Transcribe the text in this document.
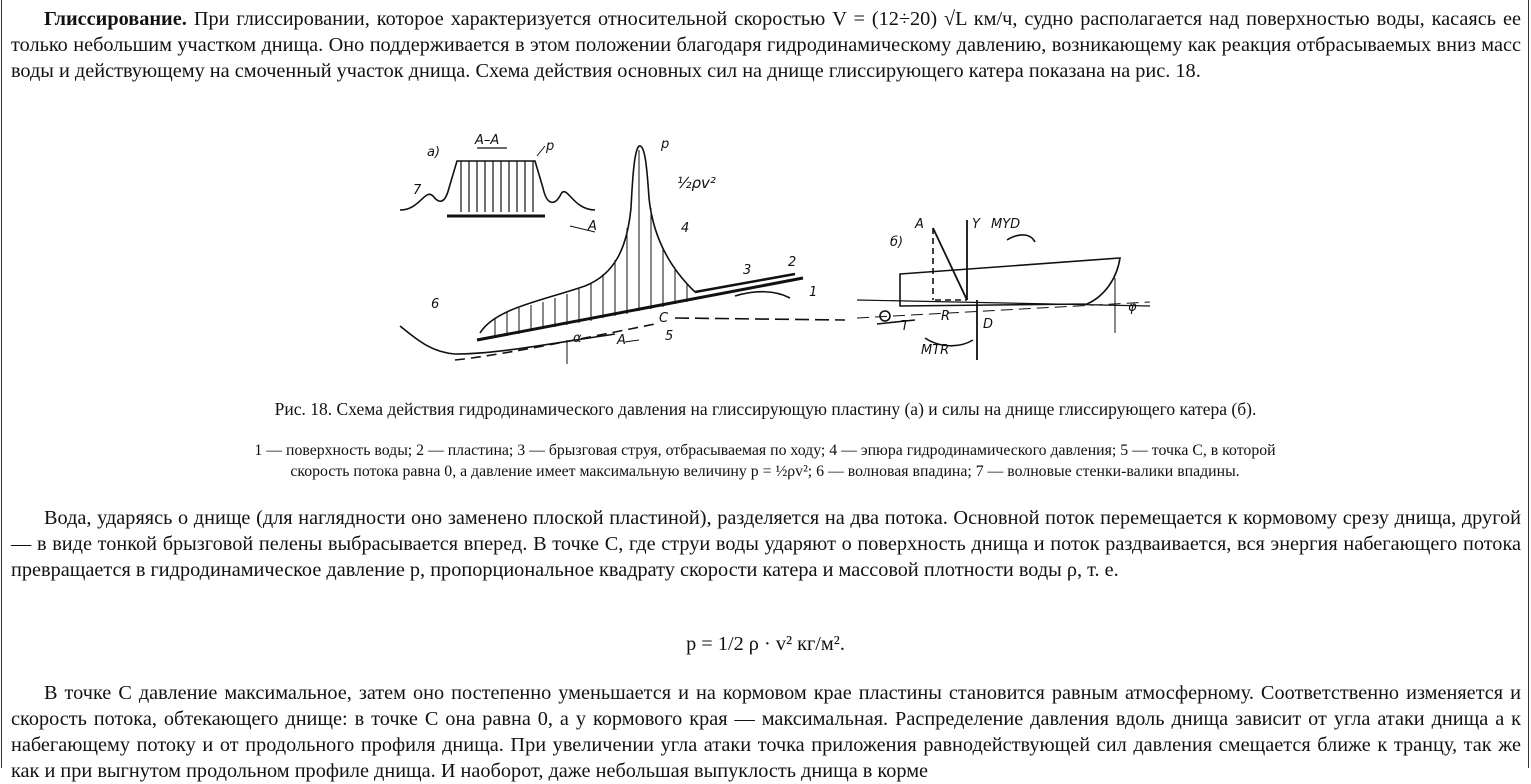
Глиссирование. При глиссировании, которое характеризуется относительной скоростью V = (12÷20) √L км/ч, судно располагается над поверхностью воды, касаясь ее только небольшим участком днища. Оно поддерживается в этом положении благодаря гидродинамическому давлению, возникающему как реакция отбрасываемых вниз масс воды и действующему на смоченный участок днища. Схема действия основных сил на днище глиссирующего катера показана на рис. 18.

а)
А–А	p
7
p
½ρv²
A	4
3
2
1
6
C
5
A
α
б)
A	Y MYD
R
T	D
MTR
φ

Рис. 18. Схема действия гидродинамического давления на глиссирующую пластину (а) и силы на днище глиссирующего катера (б).

1 — поверхность воды; 2 — пластина; 3 — брызговая струя, отбрасываемая по ходу; 4 — эпюра гидродинамического давления; 5 — точка C, в которой

скорость потока равна 0, а давление имеет максимальную величину p = ½ρv²; 6 — волновая впадина; 7 — волновые стенки-валики впадины.

Вода, ударяясь о днище (для наглядности оно заменено плоской пластиной), разделяется на два потока. Основной поток перемещается к кормовому срезу днища, другой — в виде тонкой брызговой пелены выбрасывается вперед. В точке C, где струи воды ударяют о поверхность днища и поток раздваивается, вся энергия набегающего потока превращается в гидродинамическое давление p, пропорциональное квадрату скорости катера и массовой плотности воды ρ, т. е.

p = 1/2 ρ · v² кг/м².

В точке C давление максимальное, затем оно постепенно уменьшается и на кормовом крае пластины становится равным атмосферному. Соответственно изменяется и скорость потока, обтекающего днище: в точке C она равна 0, а у кормового края — максимальная. Распределение давления вдоль днища зависит от угла атаки днища а к набегающему потоку и от продольного профиля днища. При увеличении угла атаки точка приложения равнодействующей сил давления смещается ближе к транцу, так же как и при выгнутом продольном профиле днища. И наоборот, даже небольшая выпуклость днища в корме
